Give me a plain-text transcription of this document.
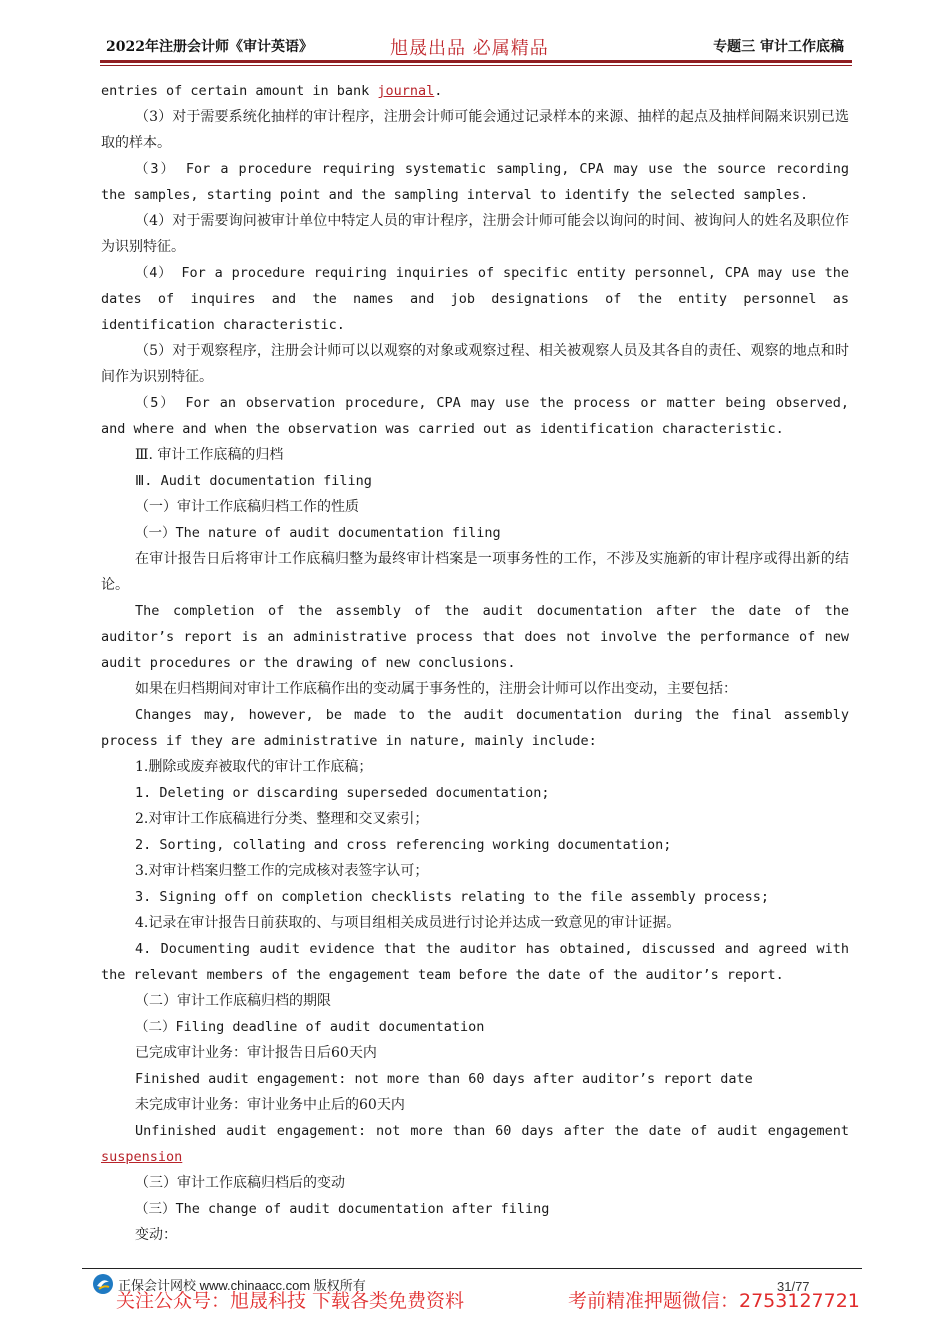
2022年注册会计师《审计英语》	旭晟出品 必属精品	专题三 审计工作底稿

entries of certain amount in bank journal.

（3）对于需要系统化抽样的审计程序，注册会计师可能会通过记录样本的来源、抽样的起点及抽样间隔来识别已选取的样本。

（3） For a procedure requiring systematic sampling, CPA may use the source recording the samples, starting point and the sampling interval to identify the selected samples.

（4）对于需要询问被审计单位中特定人员的审计程序，注册会计师可能会以询问的时间、被询问人的姓名及职位作为识别特征。

（4） For a procedure requiring inquiries of specific entity personnel, CPA may use the dates of inquires and the names and job designations of the entity personnel as identification characteristic.

（5）对于观察程序，注册会计师可以以观察的对象或观察过程、相关被观察人员及其各自的责任、观察的地点和时间作为识别特征。

（5） For an observation procedure, CPA may use the process or matter being observed, and where and when the observation was carried out as identification characteristic.

Ⅲ. 审计工作底稿的归档

Ⅲ. Audit documentation filing

（一）审计工作底稿归档工作的性质

（一）The nature of audit documentation filing

在审计报告日后将审计工作底稿归整为最终审计档案是一项事务性的工作，不涉及实施新的审计程序或得出新的结论。

The completion of the assembly of the audit documentation after the date of the auditor’s report is an administrative process that does not involve the performance of new audit procedures or the drawing of new conclusions.

如果在归档期间对审计工作底稿作出的变动属于事务性的，注册会计师可以作出变动，主要包括：

Changes may, however, be made to the audit documentation during the final assembly process if they are administrative in nature, mainly include:

1.删除或废弃被取代的审计工作底稿；

1. Deleting or discarding superseded documentation;

2.对审计工作底稿进行分类、整理和交叉索引；

2. Sorting, collating and cross referencing working documentation;

3.对审计档案归整工作的完成核对表签字认可；

3. Signing off on completion checklists relating to the file assembly process;

4.记录在审计报告日前获取的、与项目组相关成员进行讨论并达成一致意见的审计证据。

4. Documenting audit evidence that the auditor has obtained, discussed and agreed with the relevant members of the engagement team before the date of the auditor’s report.

（二）审计工作底稿归档的期限

（二）Filing deadline of audit documentation

已完成审计业务：审计报告日后60天内

Finished audit engagement: not more than 60 days after auditor’s report date

未完成审计业务：审计业务中止后的60天内

Unfinished audit engagement: not more than 60 days after the date of audit engagement suspension

（三）审计工作底稿归档后的变动

（三）The change of audit documentation after filing

变动：

正保会计网校 www.chinaacc.com 版权所有	31/77
关注公众号：旭晟科技 下载各类免费资料	考前精准押题微信：2753127721
